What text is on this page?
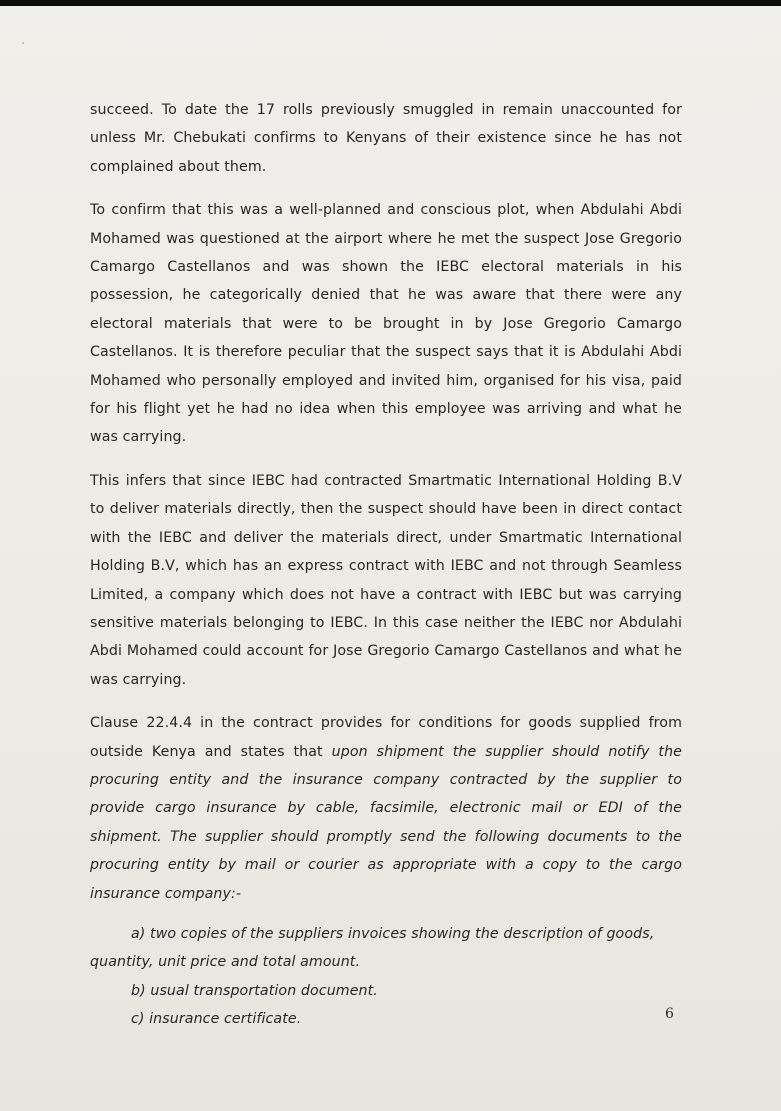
succeed. To date the 17 rolls previously smuggled in remain unaccounted for unless Mr. Chebukati confirms to Kenyans of their existence since he has not complained about them.

To confirm that this was a well-planned and conscious plot, when Abdulahi Abdi Mohamed was questioned at the airport where he met the suspect Jose Gregorio Camargo Castellanos and was shown the IEBC electoral materials in his possession, he categorically denied that he was aware that there were any electoral materials that were to be brought in by Jose Gregorio Camargo Castellanos. It is therefore peculiar that the suspect says that it is Abdulahi Abdi Mohamed who personally employed and invited him, organised for his visa, paid for his flight yet he had no idea when this employee was arriving and what he was carrying.

This infers that since IEBC had contracted Smartmatic International Holding B.V to deliver materials directly, then the suspect should have been in direct contact with the IEBC and deliver the materials direct, under Smartmatic International Holding B.V, which has an express contract with IEBC and not through Seamless Limited, a company which does not have a contract with IEBC but was carrying sensitive materials belonging to IEBC. In this case neither the IEBC nor Abdulahi Abdi Mohamed could account for Jose Gregorio Camargo Castellanos and what he was carrying.

Clause 22.4.4 in the contract provides for conditions for goods supplied from outside Kenya and states that upon shipment the supplier should notify the procuring entity and the insurance company contracted by the supplier to provide cargo insurance by cable, facsimile, electronic mail or EDI of the shipment. The supplier should promptly send the following documents to the procuring entity by mail or courier as appropriate with a copy to the cargo insurance company:-

a) two copies of the suppliers invoices showing the description of goods,
quantity, unit price and total amount.
b) usual transportation document.
c) insurance certificate.	6
